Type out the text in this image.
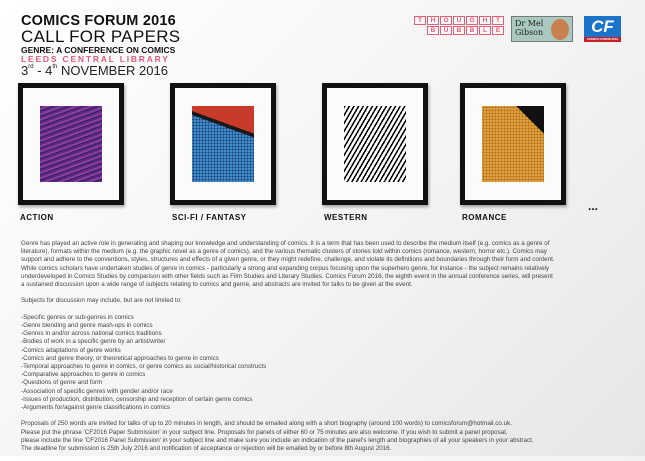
COMICS FORUM 2016
CALL FOR PAPERS
GENRE: A CONFERENCE ON COMICS
LEEDS CENTRAL LIBRARY
3rd - 4th NOVEMBER 2016
T	H	O	U	G	H	T
B	U	B	B	L	E
Dr Mel Gibson	CF
COMICS FORUM 2016
ACTION	SCI-FI / FANTASY	WESTERN	ROMANCE
...

Genre has played an active role in generating and shaping our knowledge and understanding of comics. It is a term that has been used to describe the medium itself (e.g. comics as a genre of
literature), formats within the medium (e.g. the graphic novel as a genre of comics), and the various thematic clusters of stories told within comics (romance, western, horror etc.). Comics may
support and adhere to the conventions, styles, structures and effects of a given genre, or they might redefine, challenge, and violate its definitions and boundaries through their form and content.
While comics scholars have undertaken studies of genre in comics - particularly a strong and expanding corpus focusing upon the superhero genre, for instance - the subject remains relatively
underdeveloped in Comics Studies by comparison with other fields such as Film Studies and Literary Studies. Comics Forum 2016, the eighth event in the annual conference series, will present
a sustained discussion upon a wide range of subjects relating to comics and genre, and abstracts are invited for talks to be given at the event.

Subjects for discussion may include, but are not limited to:

-Specific genres or sub-genres in comics
-Genre blending and genre mash-ups in comics
-Genres in and/or across national comics traditions
-Bodies of work in a specific genre by an artist/writer
-Comics adaptations of genre works
-Comics and genre theory, or theoretical approaches to genre in comics
-Temporal approaches to genre in comics, or genre comics as social/historical constructs
-Comparative approaches to genre in comics
-Questions of genre and form
-Association of specific genres with gender and/or race
-Issues of production, distribution, censorship and reception of certain genre comics
-Arguments for/against genre classifications in comics

Proposals of 250 words are invited for talks of up to 20 minutes in length, and should be emailed along with a short biography (around 100 words) to comicsforum@hotmail.co.uk.
Please put the phrase 'CF2016 Paper Submission' in your subject line. Proposals for panels of either 60 or 75 minutes are also welcome. If you wish to submit a panel proposal,
please include the line 'CF2016 Panel Submission' in your subject line and make sure you include an indication of the panel's length and biographies of all your speakers in your abstract.
The deadline for submission is 25th July 2016 and notification of acceptance or rejection will be emailed by or before 8th August 2016.
